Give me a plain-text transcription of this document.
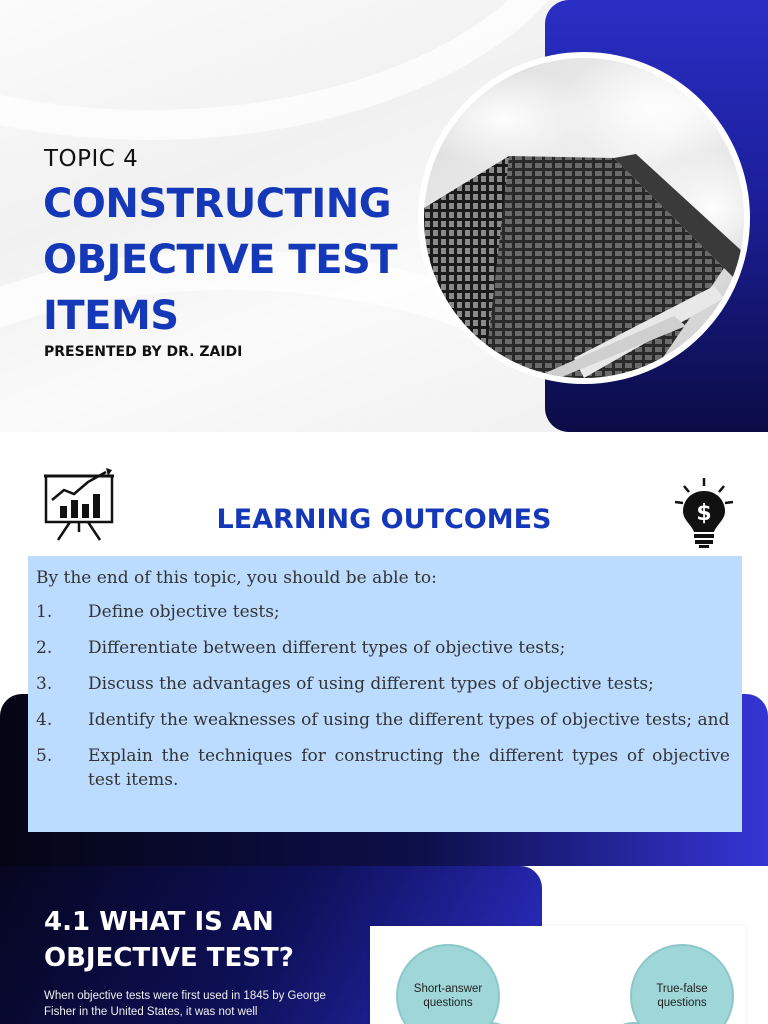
TOPIC 4
CONSTRUCTING OBJECTIVE TEST ITEMS
PRESENTED BY DR. ZAIDI
LEARNING OUTCOMES	$
By the end of this topic, you should be able to:
1.	Define objective tests;
2.	Differentiate between different types of objective tests;
3.	Discuss the advantages of using different types of objective tests;
4.	Identify the weaknesses of using the different types of objective tests; and
5.	Explain the techniques for constructing the different types of objective test items.
4.1 WHAT IS AN OBJECTIVE TEST?
When objective tests were first used in 1845 by George Fisher in the United States, it was not well
Short-answer questions
True-false questions
